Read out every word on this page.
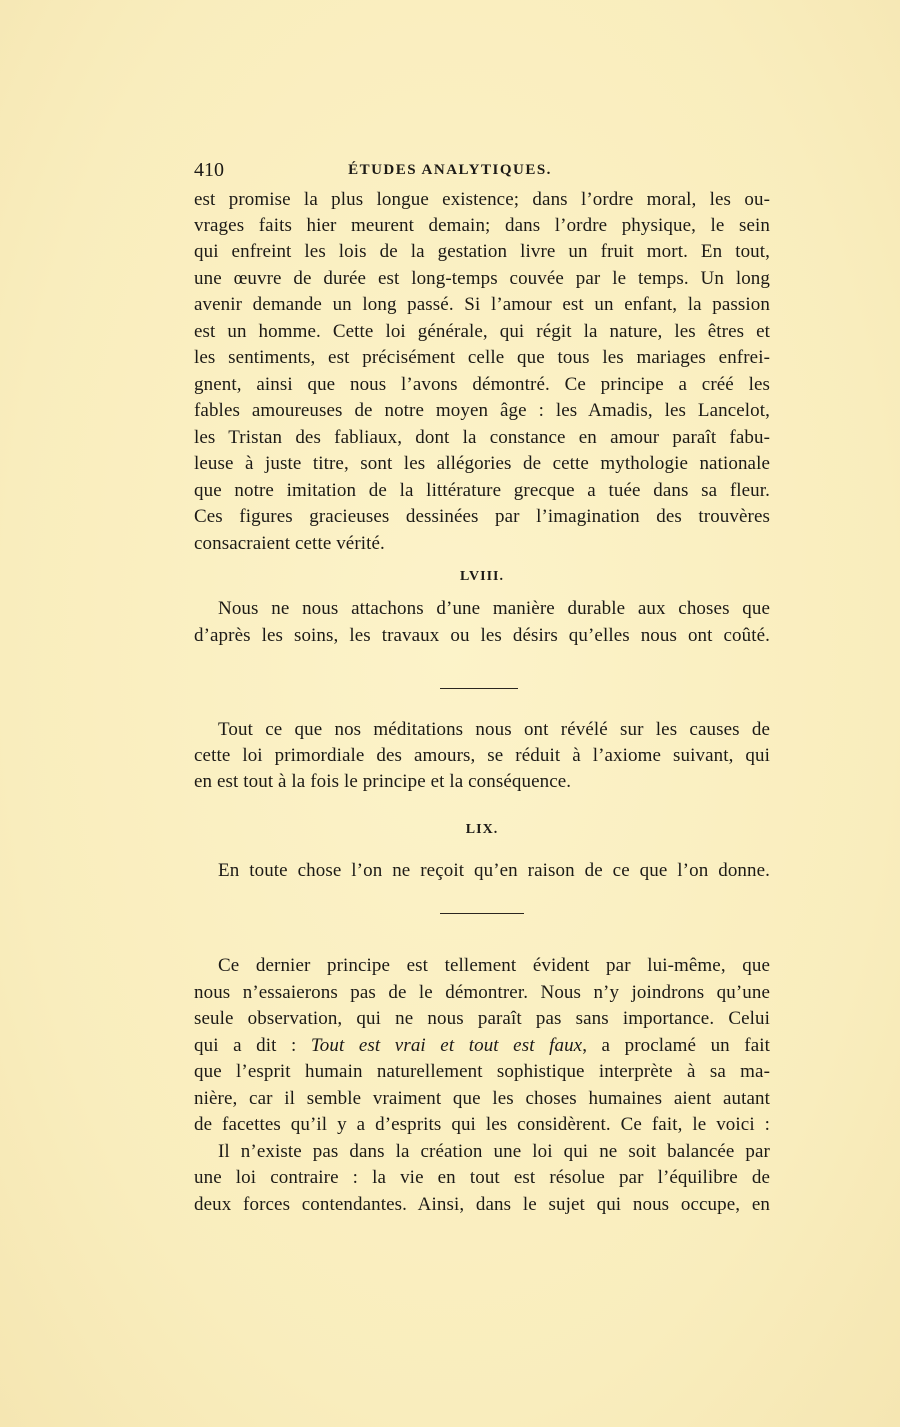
410	ÉTUDES ANALYTIQUES.
est promise la plus longue existence; dans l’ordre moral, les ou-
vrages faits hier meurent demain; dans l’ordre physique, le sein
qui enfreint les lois de la gestation livre un fruit mort. En tout,
une œuvre de durée est long-temps couvée par le temps. Un long
avenir demande un long passé. Si l’amour est un enfant, la passion
est un homme. Cette loi générale, qui régit la nature, les êtres et
les sentiments, est précisément celle que tous les mariages enfrei-
gnent, ainsi que nous l’avons démontré. Ce principe a créé les
fables amoureuses de notre moyen âge : les Amadis, les Lancelot,
les Tristan des fabliaux, dont la constance en amour paraît fabu-
leuse à juste titre, sont les allégories de cette mythologie nationale
que notre imitation de la littérature grecque a tuée dans sa fleur.
Ces figures gracieuses dessinées par l’imagination des trouvères
consacraient cette vérité.
LVIII.
Nous ne nous attachons d’une manière durable aux choses que
d’après les soins, les travaux ou les désirs qu’elles nous ont coûté.
Tout ce que nos méditations nous ont révélé sur les causes de
cette loi primordiale des amours, se réduit à l’axiome suivant, qui
en est tout à la fois le principe et la conséquence.
LIX.
En toute chose l’on ne reçoit qu’en raison de ce que l’on donne.
Ce dernier principe est tellement évident par lui-même, que
nous n’essaierons pas de le démontrer. Nous n’y joindrons qu’une
seule observation, qui ne nous paraît pas sans importance. Celui
qui a dit : Tout est vrai et tout est faux, a proclamé un fait
que l’esprit humain naturellement sophistique interprète à sa ma-
nière, car il semble vraiment que les choses humaines aient autant
de facettes qu’il y a d’esprits qui les considèrent. Ce fait, le voici :
Il n’existe pas dans la création une loi qui ne soit balancée par
une loi contraire : la vie en tout est résolue par l’équilibre de
deux forces contendantes. Ainsi, dans le sujet qui nous occupe, en
